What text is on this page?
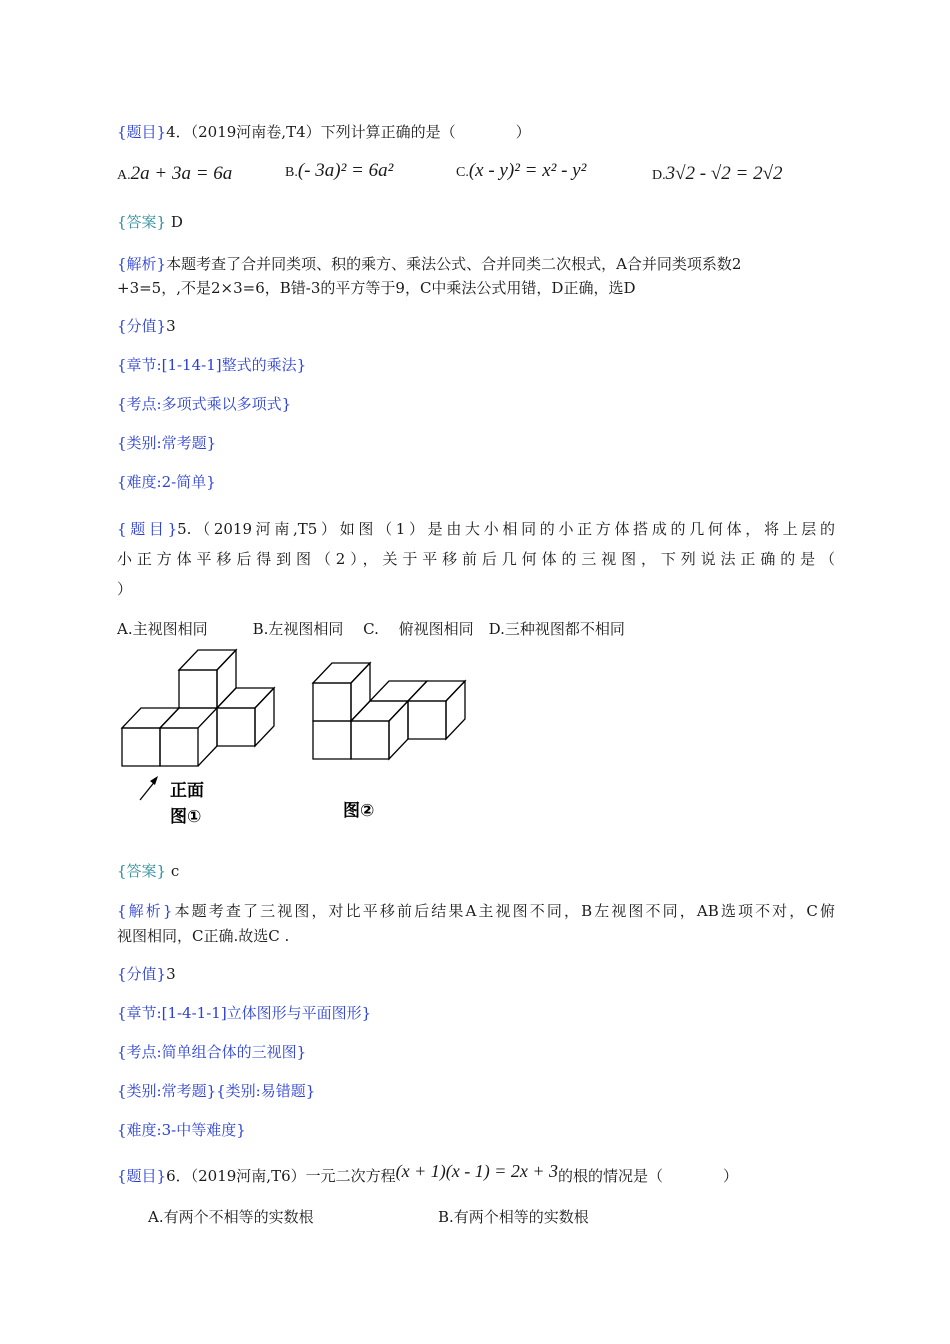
{题目}4．（2019河南卷,T4）下列计算正确的是（　　　　）
A.2a + 3a = 6a	B.(- 3a)² = 6a²	C.(x - y)² = x² - y²	D.3√2 - √2 = 2√2
{答案} D
{解析}本题考查了合并同类项、积的乘方、乘法公式、合并同类二次根式，A合并同类项系数2
+3=5，,不是2×3=6，B错-3的平方等于9，C中乘法公式用错，D正确，选D
{分值}3
{章节:[1-14-1]整式的乘法}
{考点:多项式乘以多项式}
{类别:常考题}
{难度:2-简单}
{题目}5.（2019河南,T5）如图（1）是由大小相同的小正方体搭成的几何体，将上层的
小正方体平移后得到图（2），关于平移前后几何体的三视图，下列说法正确的是（
）
A.主视图相同　　　B.左视图相同　 C.　 俯视图相同　D.三种视图都不相同
正面
图①	图②
{答案} c
{解析}本题考查了三视图，对比平移前后结果A主视图不同，B左视图不同，AB选项不对，C俯
视图相同，C正确.故选C .
{分值}3
{章节:[1-4-1-1]立体图形与平面图形}
{考点:简单组合体的三视图}
{类别:常考题}{类别:易错题}
{难度:3-中等难度}
{题目}6．（2019河南,T6）一元二次方程(x + 1)(x - 1) = 2x + 3的根的情况是（　　　　）
A.有两个不相等的实数根	B.有两个相等的实数根
